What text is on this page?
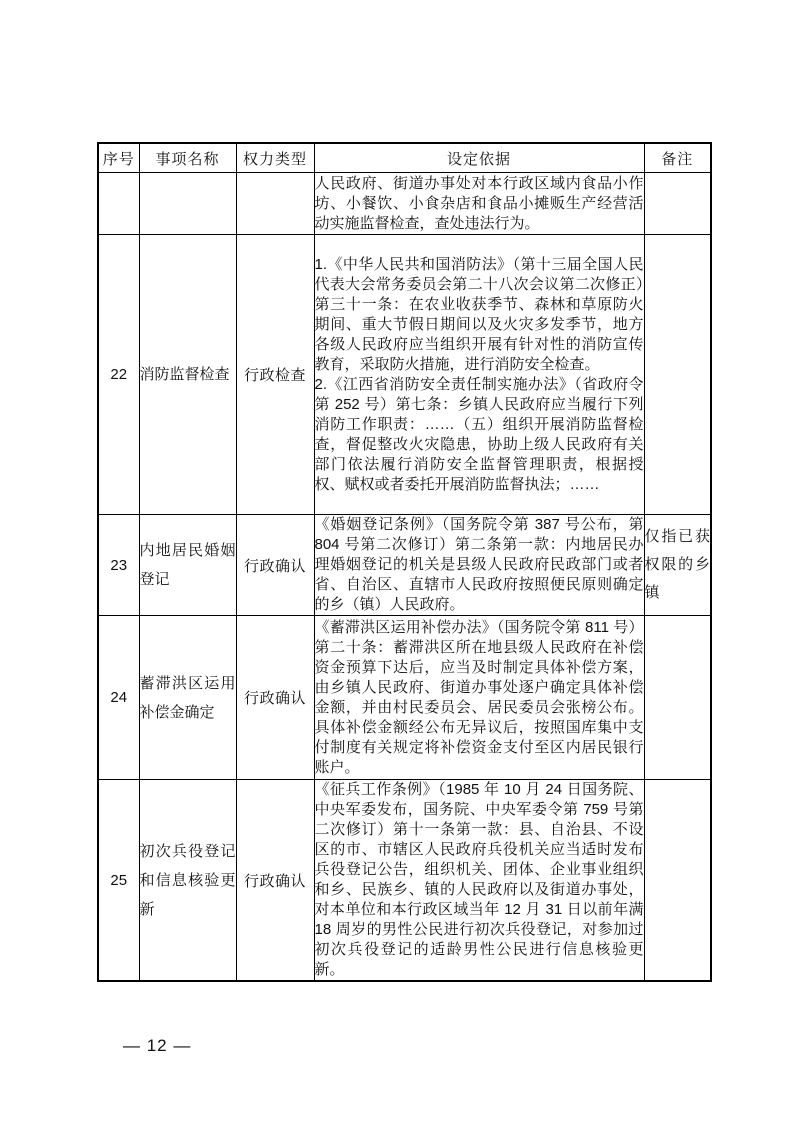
序号	事项名称	权力类型	设定依据	备注

			人民政府、街道办事处对本行政区域内食品小作坊、小餐饮、小食杂店和食品小摊贩生产经营活动实施监督检查，查处违法行为。	

22	消防监督检查	行政检查	1.《中华人民共和国消防法》（第十三届全国人民代表大会常务委员会第二十八次会议第二次修正）第三十一条：在农业收获季节、森林和草原防火期间、重大节假日期间以及火灾多发季节，地方各级人民政府应当组织开展有针对性的消防宣传教育，采取防火措施，进行消防安全检查。

2.《江西省消防安全责任制实施办法》（省政府令第 252 号）第七条：乡镇人民政府应当履行下列消防工作职责：……（五）组织开展消防监督检查，督促整改火灾隐患，协助上级人民政府有关部门依法履行消防安全监督管理职责，根据授权、赋权或者委托开展消防监督执法；……	

23	内地居民婚姻登记	行政确认	《婚姻登记条例》（国务院令第 387 号公布，第 804 号第二次修订）第二条第一款：内地居民办理婚姻登记的机关是县级人民政府民政部门或者省、自治区、直辖市人民政府按照便民原则确定的乡（镇）人民政府。	仅指已获权限的乡镇
24	蓄滞洪区运用补偿金确定	行政确认	《蓄滞洪区运用补偿办法》（国务院令第 811 号）第二十条：蓄滞洪区所在地县级人民政府在补偿资金预算下达后，应当及时制定具体补偿方案，由乡镇人民政府、街道办事处逐户确定具体补偿金额，并由村民委员会、居民委员会张榜公布。具体补偿金额经公布无异议后，按照国库集中支付制度有关规定将补偿资金支付至区内居民银行账户。	

25	初次兵役登记和信息核验更新	行政确认	《征兵工作条例》（1985 年 10 月 24 日国务院、中央军委发布，国务院、中央军委令第 759 号第二次修订）第十一条第一款：县、自治县、不设区的市、市辖区人民政府兵役机关应当适时发布兵役登记公告，组织机关、团体、企业事业组织和乡、民族乡、镇的人民政府以及街道办事处，对本单位和本行政区域当年 12 月 31 日以前年满 18 周岁的男性公民进行初次兵役登记，对参加过初次兵役登记的适龄男性公民进行信息核验更新。	

— 12 —
